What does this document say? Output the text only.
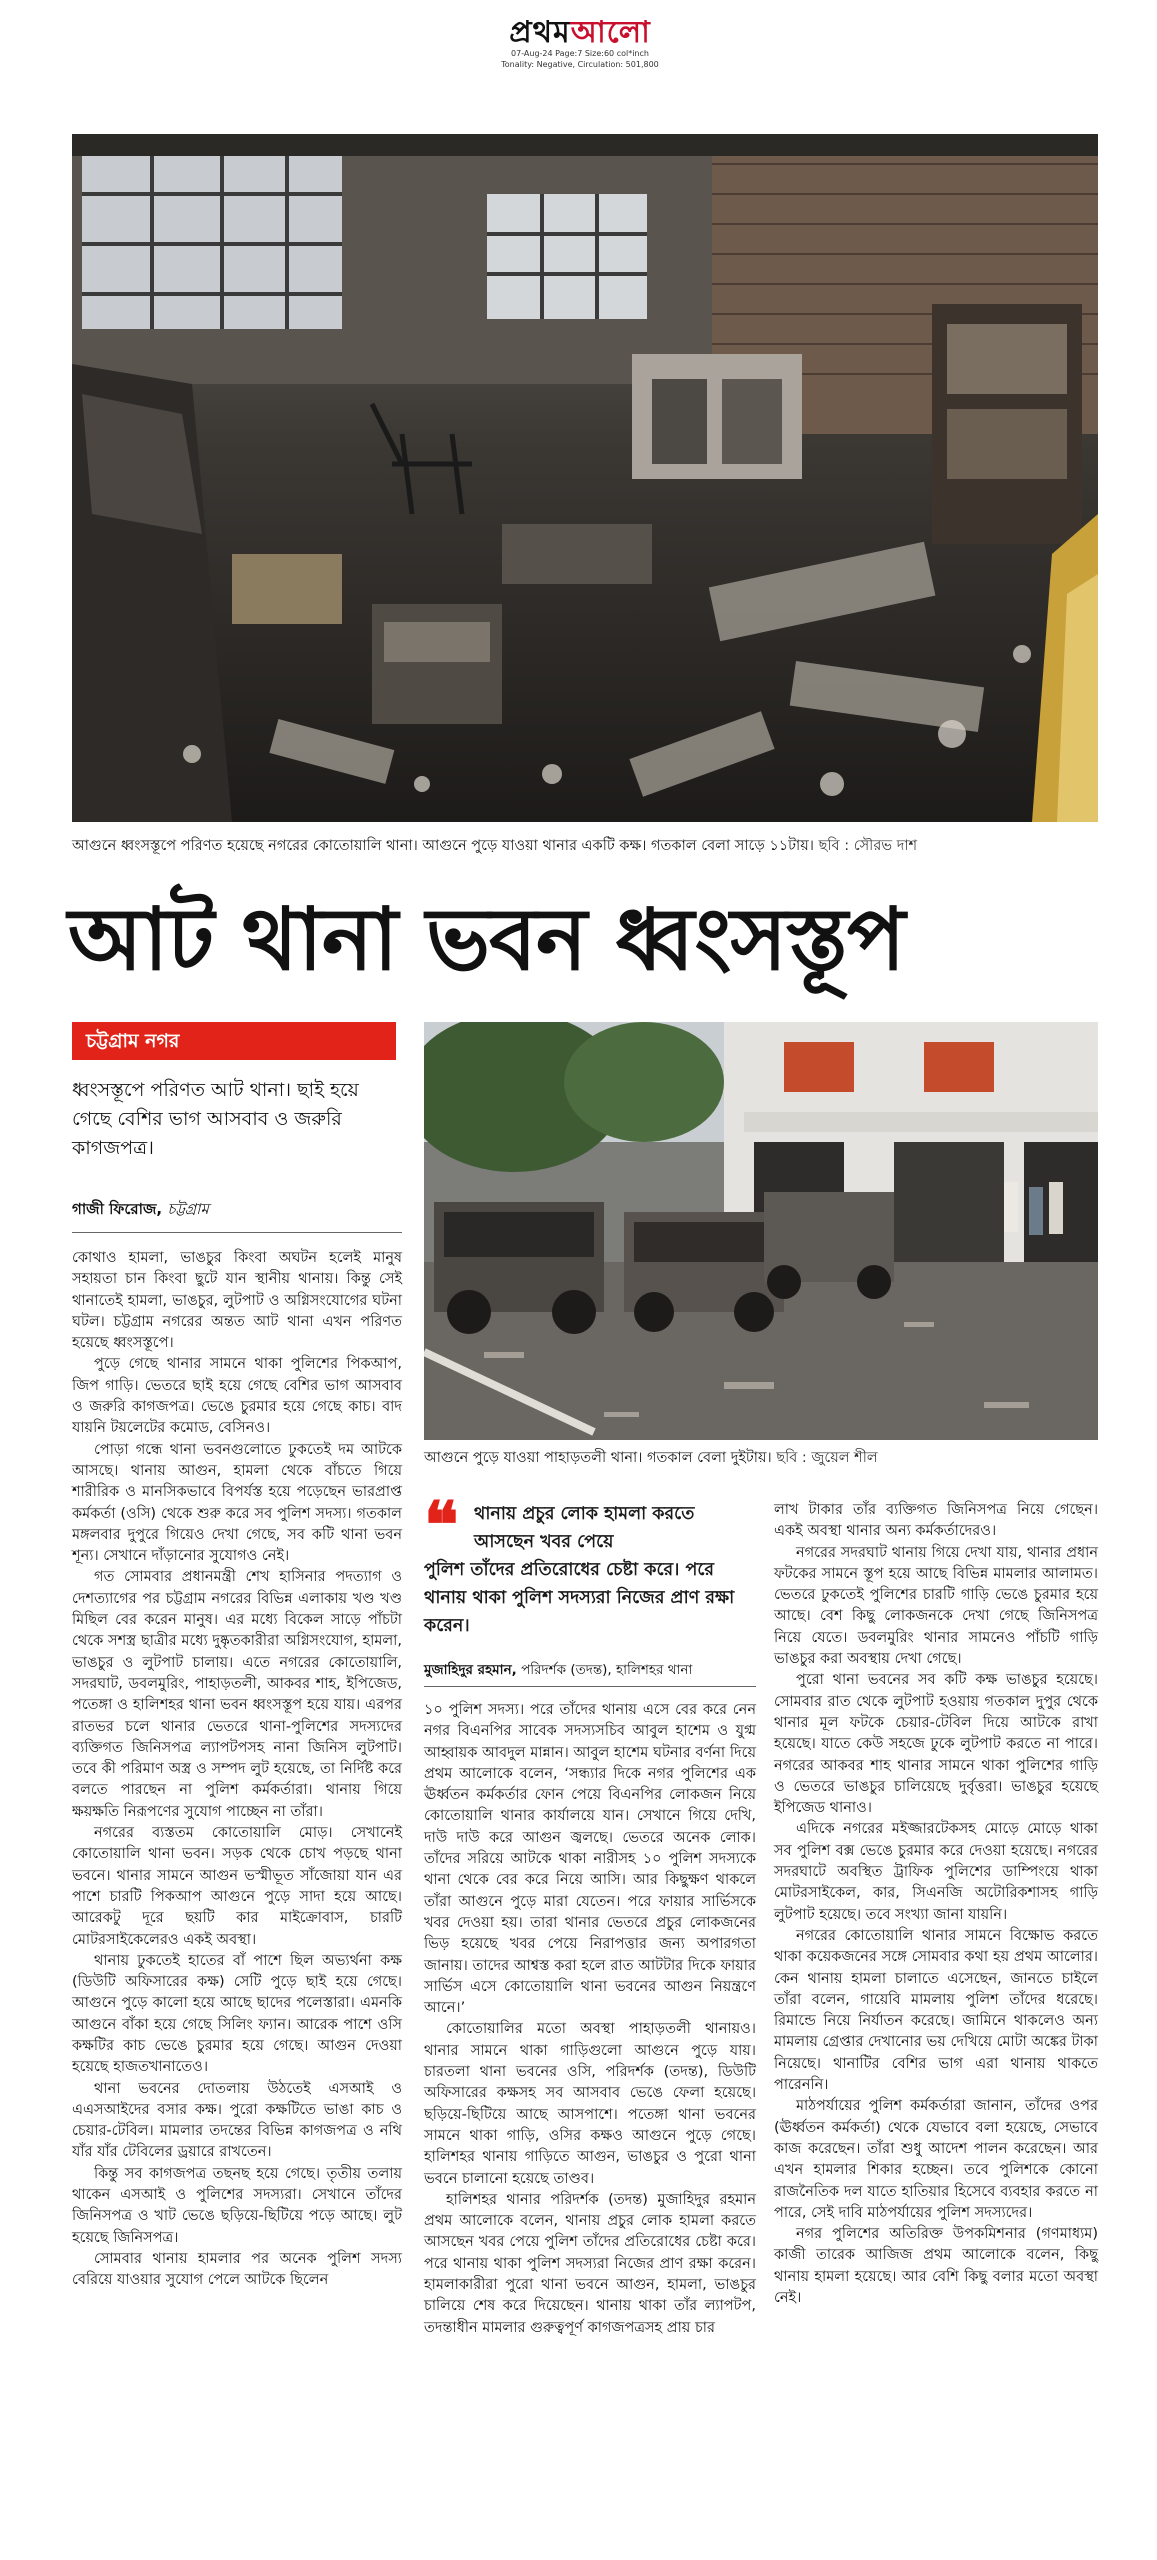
প্রথমআলো
07-Aug-24 Page:7 Size:60 col*inch
Tonality: Negative, Circulation: 501,800
আগুনে ধ্বংসস্তূপে পরিণত হয়েছে নগরের কোতোয়ালি থানা। আগুনে পুড়ে যাওয়া থানার একটি কক্ষ। গতকাল বেলা সাড়ে ১১টায়। ছবি : সৌরভ দাশ
আট থানা ভবন ধ্বংসস্তূপ
চট্টগ্রাম নগর
ধ্বংসস্তূপে পরিণত আট থানা। ছাই হয়ে গেছে বেশির ভাগ আসবাব ও জরুরি কাগজপত্র।
গাজী ফিরোজ, চট্টগ্রাম
আগুনে পুড়ে যাওয়া পাহাড়তলী থানা। গতকাল বেলা দুইটায়। ছবি : জুয়েল শীল

কোথাও হামলা, ভাঙচুর কিংবা অঘটন হলেই মানুষ সহায়তা চান কিংবা ছুটে যান স্থানীয় থানায়। কিন্তু সেই থানাতেই হামলা, ভাঙচুর, লুটপাট ও অগ্নিসংযোগের ঘটনা ঘটল। চট্টগ্রাম নগরের অন্তত আট থানা এখন পরিণত হয়েছে ধ্বংসস্তূপে।

পুড়ে গেছে থানার সামনে থাকা পুলিশের পিকআপ, জিপ গাড়ি। ভেতরে ছাই হয়ে গেছে বেশির ভাগ আসবাব ও জরুরি কাগজপত্র। ভেঙে চুরমার হয়ে গেছে কাচ। বাদ যায়নি টয়লেটের কমোড, বেসিনও।

পোড়া গন্ধে থানা ভবনগুলোতে ঢুকতেই দম আটকে আসছে। থানায় আগুন, হামলা থেকে বাঁচতে গিয়ে শারীরিক ও মানসিকভাবে বিপর্যস্ত হয়ে পড়েছেন ভারপ্রাপ্ত কর্মকর্তা (ওসি) থেকে শুরু করে সব পুলিশ সদস্য। গতকাল মঙ্গলবার দুপুরে গিয়েও দেখা গেছে, সব কটি থানা ভবন শূন্য। সেখানে দাঁড়ানোর সুযোগও নেই।

গত সোমবার প্রধানমন্ত্রী শেখ হাসিনার পদত্যাগ ও দেশত্যাগের পর চট্টগ্রাম নগরের বিভিন্ন এলাকায় খণ্ড খণ্ড মিছিল বের করেন মানুষ। এর মধ্যে বিকেল সাড়ে পাঁচটা থেকে সশস্ত্র ছাত্রীর মধ্যে দুষ্কৃতকারীরা অগ্নিসংযোগ, হামলা, ভাঙচুর ও লুটপাট চালায়। এতে নগরের কোতোয়ালি, সদরঘাট, ডবলমুরিং, পাহাড়তলী, আকবর শাহ, ইপিজেড, পতেঙ্গা ও হালিশহর থানা ভবন ধ্বংসস্তূপ হয়ে যায়। এরপর রাতভর চলে থানার ভেতরে থানা-পুলিশের সদস্যদের ব্যক্তিগত জিনিসপত্র ল্যাপটপসহ নানা জিনিস লুটপাট। তবে কী পরিমাণ অস্ত্র ও সম্পদ লুট হয়েছে, তা নির্দিষ্ট করে বলতে পারছেন না পুলিশ কর্মকর্তারা। থানায় গিয়ে ক্ষয়ক্ষতি নিরূপণের সুযোগ পাচ্ছেন না তাঁরা।

নগরের ব্যস্ততম কোতোয়ালি মোড়। সেখানেই কোতোয়ালি থানা ভবন। সড়ক থেকে চোখ পড়ছে থানা ভবনে। থানার সামনে আগুন ভস্মীভূত সাঁজোয়া যান এর পাশে চারটি পিকআপ আগুনে পুড়ে সাদা হয়ে আছে। আরেকটু দূরে ছয়টি কার মাইক্রোবাস, চারটি মোটরসাইকেলেরও একই অবস্থা।

থানায় ঢুকতেই হাতের বাঁ পাশে ছিল অভ্যর্থনা কক্ষ (ডিউটি অফিসারের কক্ষ) সেটি পুড়ে ছাই হয়ে গেছে। আগুনে পুড়ে কালো হয়ে আছে ছাদের পলেস্তারা। এমনকি আগুনে বাঁকা হয়ে গেছে সিলিং ফ্যান। আরেক পাশে ওসি কক্ষটির কাচ ভেঙে চুরমার হয়ে গেছে। আগুন দেওয়া হয়েছে হাজতখানাতেও।

থানা ভবনের দোতলায় উঠতেই এসআই ও এএসআইদের বসার কক্ষ। পুরো কক্ষটিতে ভাঙা কাচ ও চেয়ার-টেবিল। মামলার তদন্তের বিভিন্ন কাগজপত্র ও নথি যাঁর যাঁর টেবিলের ড্রয়ারে রাখতেন।

কিন্তু সব কাগজপত্র তছনছ হয়ে গেছে। তৃতীয় তলায় থাকেন এসআই ও পুলিশের সদস্যরা। সেখানে তাঁদের জিনিসপত্র ও খাট ভেঙে ছড়িয়ে-ছিটিয়ে পড়ে আছে। লুট হয়েছে জিনিসপত্র।

সোমবার থানায় হামলার পর অনেক পুলিশ সদস্য বেরিয়ে যাওয়ার সুযোগ পেলে আটকে ছিলেন

❝ থানায় প্রচুর লোক হামলা করতে আসছেন খবর পেয়ে
পুলিশ তাঁদের প্রতিরোধের চেষ্টা করে। পরে থানায় থাকা পুলিশ সদস্যরা নিজের প্রাণ রক্ষা করেন।
মুজাহিদুর রহমান, পরিদর্শক (তদন্ত), হালিশহর থানা

১০ পুলিশ সদস্য। পরে তাঁদের থানায় এসে বের করে নেন নগর বিএনপির সাবেক সদস্যসচিব আবুল হাশেম ও যুগ্ম আহ্বায়ক আবদুল মান্নান। আবুল হাশেম ঘটনার বর্ণনা দিয়ে প্রথম আলোকে বলেন, ‘সন্ধ্যার দিকে নগর পুলিশের এক ঊর্ধ্বতন কর্মকর্তার ফোন পেয়ে বিএনপির লোকজন নিয়ে কোতোয়ালি থানার কার্যালয়ে যান। সেখানে গিয়ে দেখি, দাউ দাউ করে আগুন জ্বলছে। ভেতরে অনেক লোক। তাঁদের সরিয়ে আটকে থাকা নারীসহ ১০ পুলিশ সদস্যকে থানা থেকে বের করে নিয়ে আসি। আর কিছুক্ষণ থাকলে তাঁরা আগুনে পুড়ে মারা যেতেন। পরে ফায়ার সার্ভিসকে খবর দেওয়া হয়। তারা থানার ভেতরে প্রচুর লোকজনের ভিড় হয়েছে খবর পেয়ে নিরাপত্তার জন্য অপারগতা জানায়। তাদের আশ্বস্ত করা হলে রাত আটটার দিকে ফায়ার সার্ভিস এসে কোতোয়ালি থানা ভবনের আগুন নিয়ন্ত্রণে আনে।’

কোতোয়ালির মতো অবস্থা পাহাড়তলী থানায়ও। থানার সামনে থাকা গাড়িগুলো আগুনে পুড়ে যায়। চারতলা থানা ভবনের ওসি, পরিদর্শক (তদন্ত), ডিউটি অফিসারের কক্ষসহ সব আসবাব ভেঙে ফেলা হয়েছে। ছড়িয়ে-ছিটিয়ে আছে আসপাশে। পতেঙ্গা থানা ভবনের সামনে থাকা গাড়ি, ওসির কক্ষও আগুনে পুড়ে গেছে। হালিশহর থানায় গাড়িতে আগুন, ভাঙচুর ও পুরো থানা ভবনে চালানো হয়েছে তাণ্ডব।

হালিশহর থানার পরিদর্শক (তদন্ত) মুজাহিদুর রহমান প্রথম আলোকে বলেন, থানায় প্রচুর লোক হামলা করতে আসছেন খবর পেয়ে পুলিশ তাঁদের প্রতিরোধের চেষ্টা করে। পরে থানায় থাকা পুলিশ সদস্যরা নিজের প্রাণ রক্ষা করেন। হামলাকারীরা পুরো থানা ভবনে আগুন, হামলা, ভাঙচুর চালিয়ে শেষ করে দিয়েছেন। থানায় থাকা তাঁর ল্যাপটপ, তদন্তাধীন মামলার গুরুত্বপূর্ণ কাগজপত্রসহ প্রায় চার

লাখ টাকার তাঁর ব্যক্তিগত জিনিসপত্র নিয়ে গেছেন। একই অবস্থা থানার অন্য কর্মকর্তাদেরও।

নগরের সদরঘাট থানায় গিয়ে দেখা যায়, থানার প্রধান ফটকের সামনে স্তূপ হয়ে আছে বিভিন্ন মামলার আলামত। ভেতরে ঢুকতেই পুলিশের চারটি গাড়ি ভেঙে চুরমার হয়ে আছে। বেশ কিছু লোকজনকে দেখা গেছে জিনিসপত্র নিয়ে যেতে। ডবলমুরিং থানার সামনেও পাঁচটি গাড়ি ভাঙচুর করা অবস্থায় দেখা গেছে।

পুরো থানা ভবনের সব কটি কক্ষ ভাঙচুর হয়েছে। সোমবার রাত থেকে লুটপাট হওয়ায় গতকাল দুপুর থেকে থানার মূল ফটকে চেয়ার-টেবিল দিয়ে আটকে রাখা হয়েছে। যাতে কেউ সহজে ঢুকে লুটপাট করতে না পারে। নগরের আকবর শাহ থানার সামনে থাকা পুলিশের গাড়ি ও ভেতরে ভাঙচুর চালিয়েছে দুর্বৃত্তরা। ভাঙচুর হয়েছে ইপিজেড থানাও।

এদিকে নগরের মইজ্জারটেকসহ মোড়ে মোড়ে থাকা সব পুলিশ বক্স ভেঙে চুরমার করে দেওয়া হয়েছে। নগরের সদরঘাটে অবস্থিত ট্রাফিক পুলিশের ডাম্পিংয়ে থাকা মোটরসাইকেল, কার, সিএনজি অটোরিকশাসহ গাড়ি লুটপাট হয়েছে। তবে সংখ্যা জানা যায়নি।

নগরের কোতোয়ালি থানার সামনে বিক্ষোভ করতে থাকা কয়েকজনের সঙ্গে সোমবার কথা হয় প্রথম আলোর। কেন থানায় হামলা চালাতে এসেছেন, জানতে চাইলে তাঁরা বলেন, গায়েবি মামলায় পুলিশ তাঁদের ধরেছে। রিমান্ডে নিয়ে নির্যাতন করেছে। জামিনে থাকলেও অন্য মামলায় গ্রেপ্তার দেখানোর ভয় দেখিয়ে মোটা অঙ্কের টাকা নিয়েছে। থানাটির বেশির ভাগ এরা থানায় থাকতে পারেননি।

মাঠপর্যায়ের পুলিশ কর্মকর্তারা জানান, তাঁদের ওপর (ঊর্ধ্বতন কর্মকর্তা) থেকে যেভাবে বলা হয়েছে, সেভাবে কাজ করেছেন। তাঁরা শুধু আদেশ পালন করেছেন। আর এখন হামলার শিকার হচ্ছেন। তবে পুলিশকে কোনো রাজনৈতিক দল যাতে হাতিয়ার হিসেবে ব্যবহার করতে না পারে, সেই দাবি মাঠপর্যায়ের পুলিশ সদস্যদের।

নগর পুলিশের অতিরিক্ত উপকমিশনার (গণমাধ্যম) কাজী তারেক আজিজ প্রথম আলোকে বলেন, কিছু থানায় হামলা হয়েছে। আর বেশি কিছু বলার মতো অবস্থা নেই।
